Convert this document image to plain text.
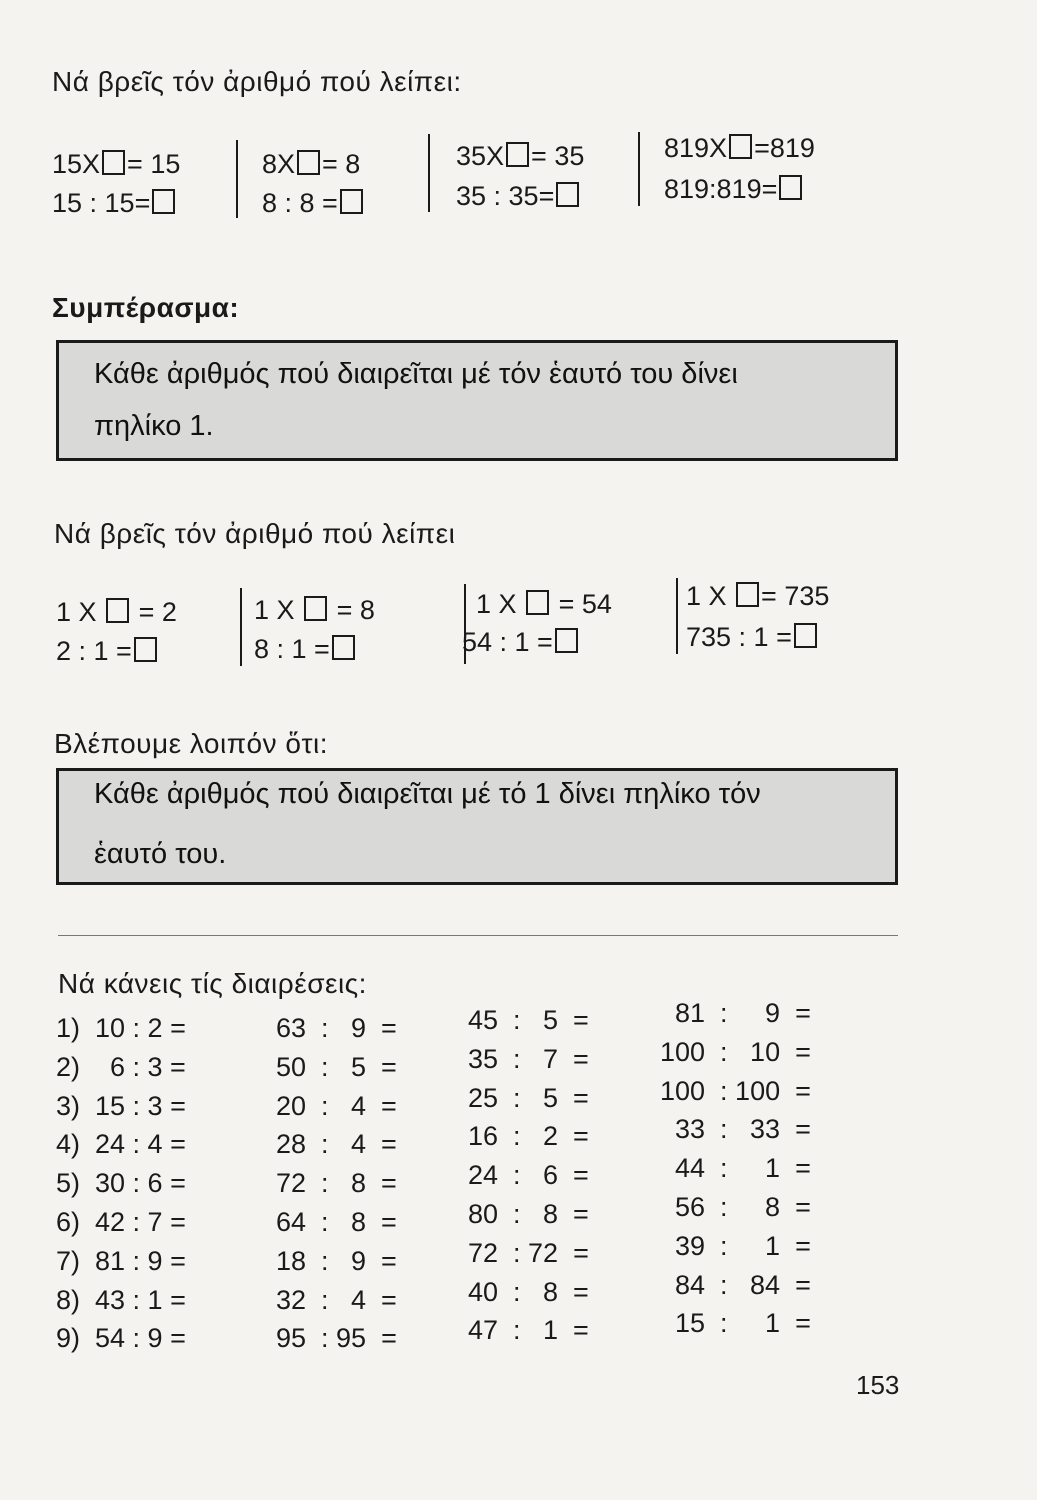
Νά βρεῖς τόν ἀριθμό πού λείπει:
15X = 15
15 : 15=
8X = 8
8 : 8 =
35X = 35
35 : 35=
819X =819
819:819=
Συμπέρασμα:
Κάθε ἀριθμός πού διαιρεῖται μέ τόν ἑαυτό του δίνει
πηλίκο 1.
Νά βρεῖς τόν ἀριθμό πού λείπει
1 X = 2
2 : 1 =
1 X = 8
8 : 1 =
1 X = 54
54 : 1 =
1 X = 735
735 : 1 =
Βλέπουμε λοιπόν ὅτι:
Κάθε ἀριθμός πού διαιρεῖται μέ τό 1 δίνει πηλίκο τόν
ἑαυτό του.
Νά κάνεις τίς διαιρέσεις:
1)  10 : 2 =
2)    6 : 3 =
3)  15 : 3 =
4)  24 : 4 =
5)  30 : 6 =
6)  42 : 7 =
7)  81 : 9 =
8)  43 : 1 =
9)  54 : 9 =
63  :   9  =
50  :   5  =
20  :   4  =
28  :   4  =
72  :   8  =
64  :   8  =
18  :   9  =
32  :   4  =
95  : 95  =
45  :   5  =
35  :   7  =
25  :   5  =
16  :   2  =
24  :   6  =
80  :   8  =
72  : 72  =
40  :   8  =
47  :   1  =
81  :     9  =
100  :   10  =
100  : 100  =
33  :   33  =
44  :     1  =
56  :     8  =
39  :     1  =
84  :   84  =
15  :     1  =
153
